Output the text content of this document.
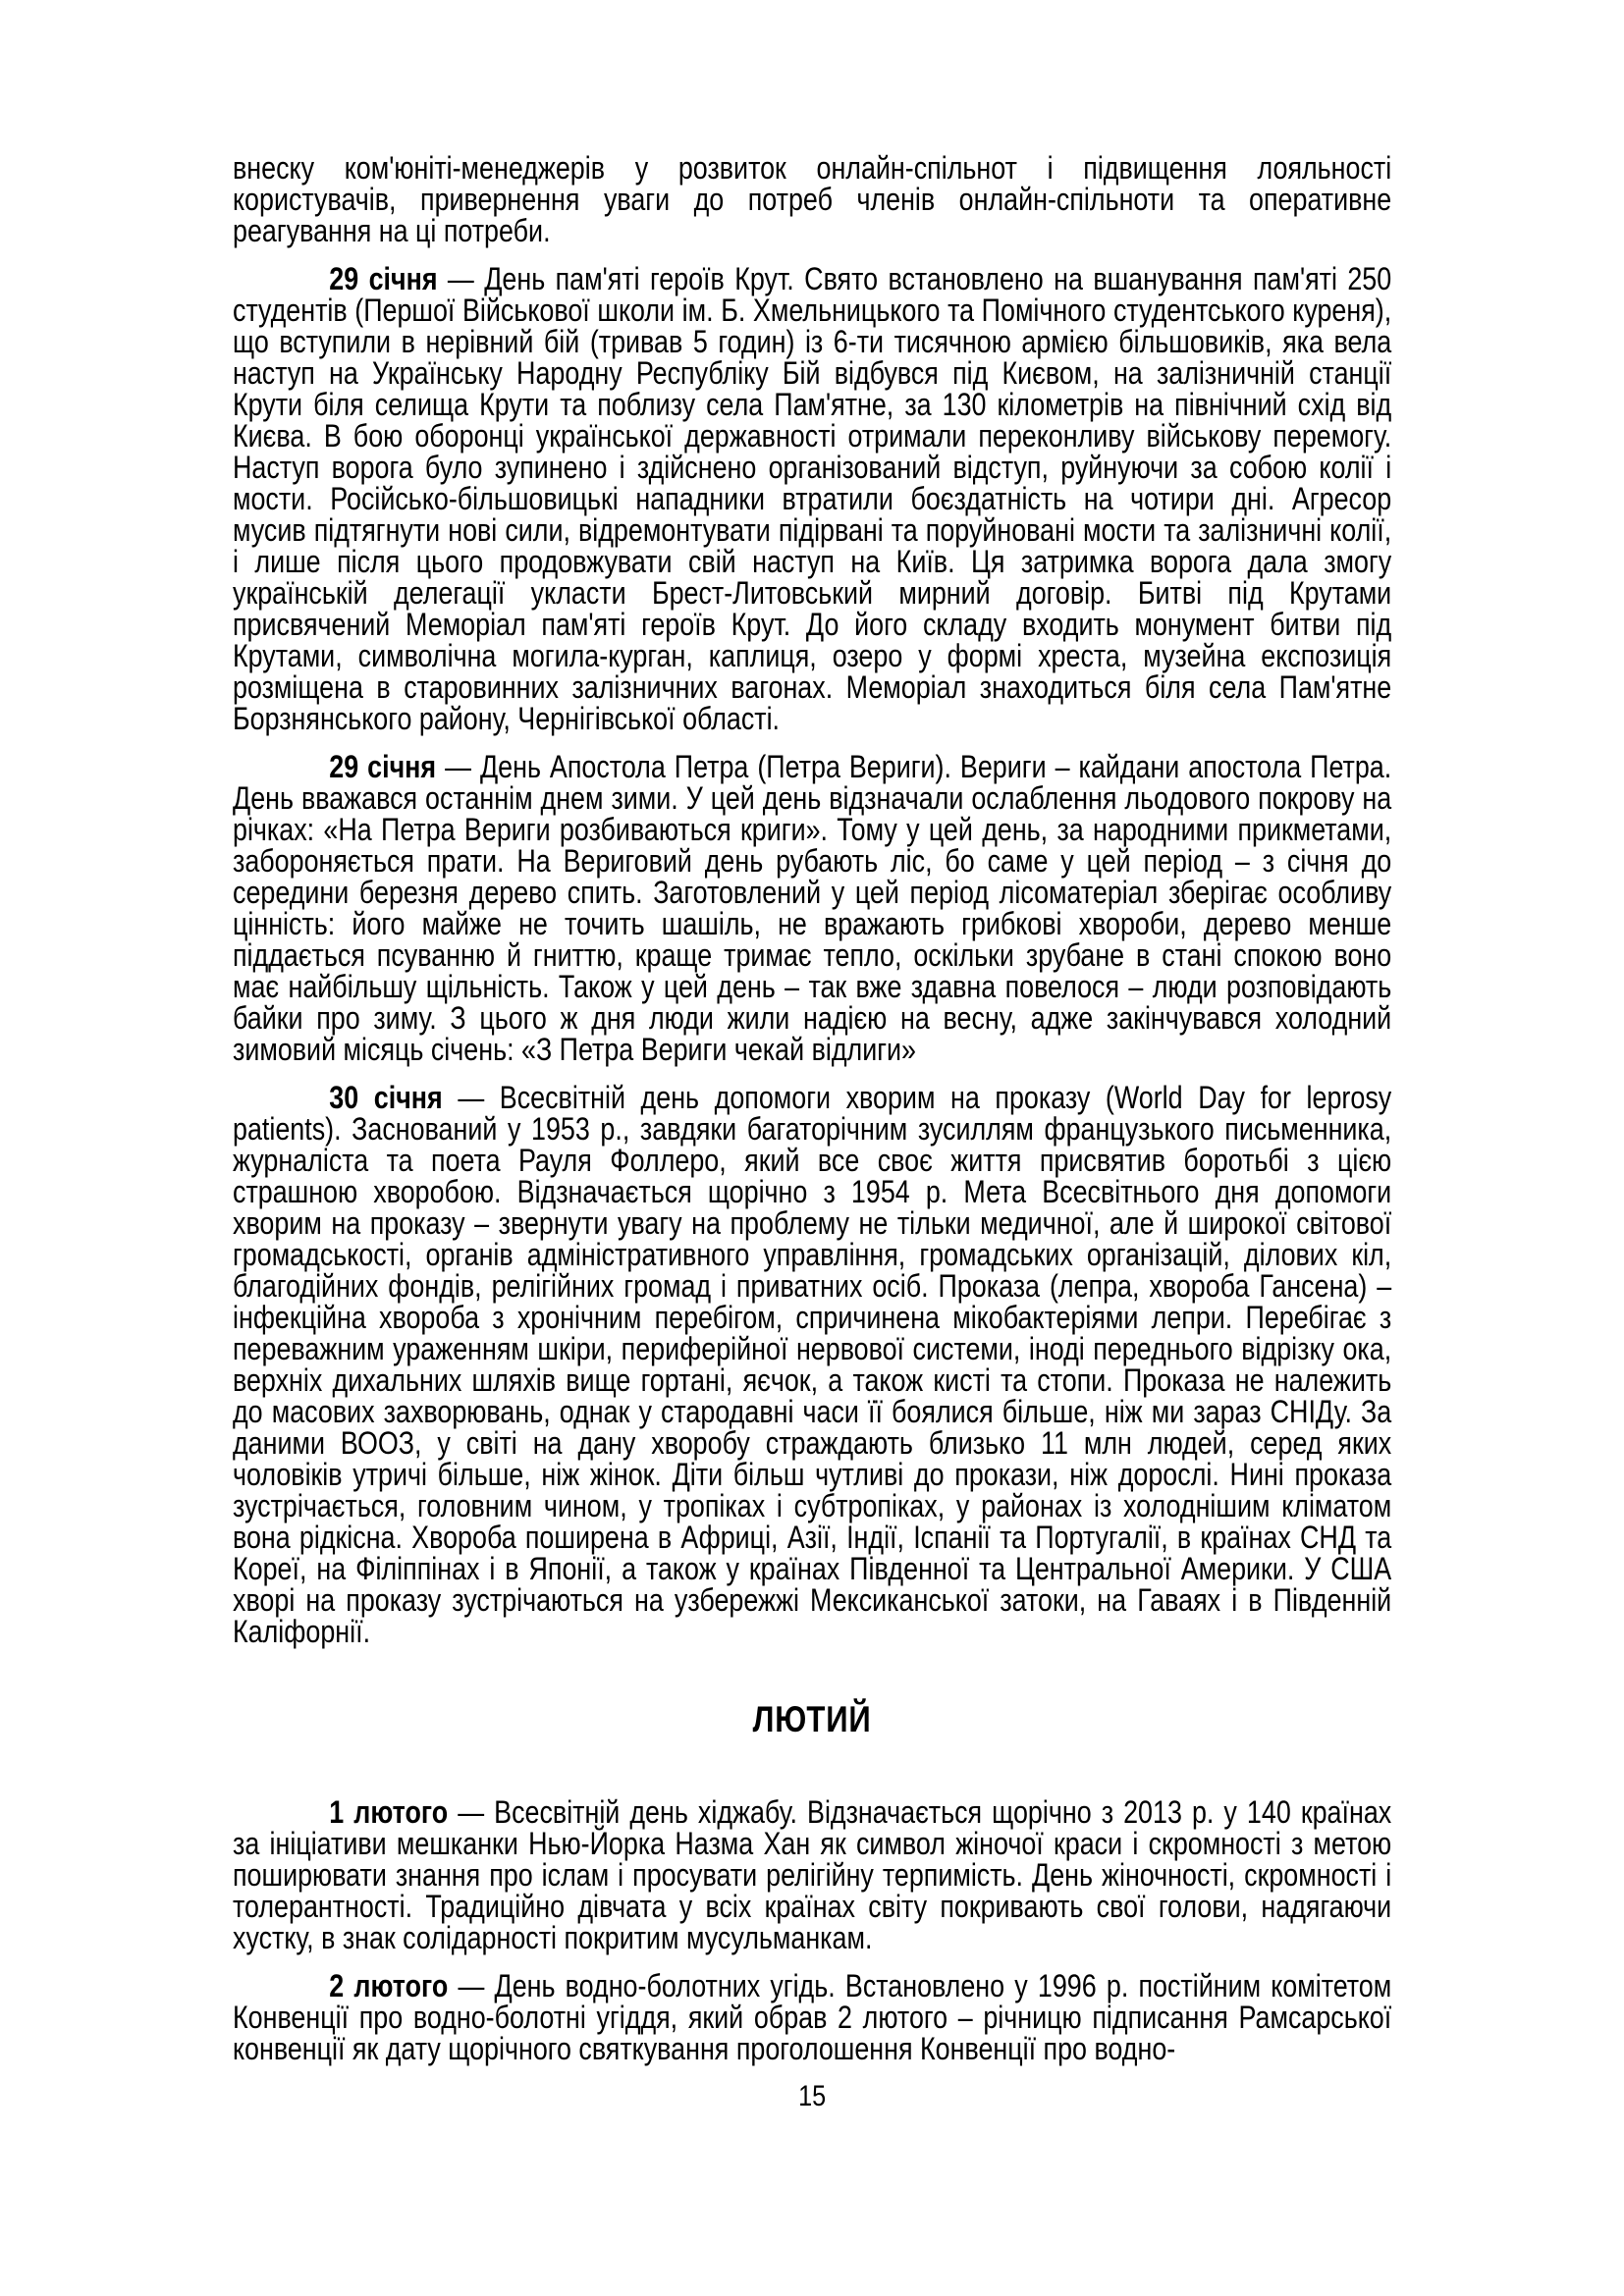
внеску ком'юніті-менеджерів у розвиток онлайн-спільнот і підвищення лояльності користувачів, привернення уваги до потреб членів онлайн-спільноти та оперативне реагування на ці потреби.

29 січня — День пам'яті героїв Крут. Свято встановлено на вшанування пам'яті 250 студентів (Першої Військової школи ім. Б. Хмельницького та Помічного студентського куреня), що вступили в нерівний бій (тривав 5 годин) із 6-ти тисячною армією більшовиків, яка вела наступ на Українську Народну Республіку Бій відбувся під Києвом, на залізничній станції Крути біля селища Крути та поблизу села Пам'ятне, за 130 кілометрів на північний схід від Києва. В бою оборонці української державності отримали переконливу військову перемогу. Наступ ворога було зупинено і здійснено організований відступ, руйнуючи за собою колії і мости. Російсько-більшовицькі нападники втратили боєздатність на чотири дні. Агресор мусив підтягнути нові сили, відремонтувати підірвані та поруйновані мости та залізничні колії, і лише після цього продовжувати свій наступ на Київ. Ця затримка ворога дала змогу українській делегації укласти Брест-Литовський мирний договір. Битві під Крутами присвячений Меморіал пам'яті героїв Крут. До його складу входить монумент битви під Крутами, символічна могила-курган, каплиця, озеро у формі хреста, музейна експозиція розміщена в старовинних залізничних вагонах. Меморіал знаходиться біля села Пам'ятне Борзнянського району, Чернігівської області.

29 січня — День Апостола Петра (Петра Вериги). Вериги – кайдани апостола Петра. День вважався останнім днем зими. У цей день відзначали ослаблення льодового покрову на річках: «На Петра Вериги розбиваються криги». Тому у цей день, за народними прикметами, забороняється прати. На Вериговий день рубають ліс, бо саме у цей період – з січня до середини березня дерево спить. Заготовлений у цей період лісоматеріал зберігає особливу цінність: його майже не точить шашіль, не вражають грибкові хвороби, дерево менше піддається псуванню й гниттю, краще тримає тепло, оскільки зрубане в стані спокою воно має найбільшу щільність. Також у цей день – так вже здавна повелося – люди розповідають байки про зиму. З цього ж дня люди жили надією на весну, адже закінчувався холодний зимовий місяць січень: «З Петра Вериги чекай відлиги»

30 січня — Всесвітній день допомоги хворим на проказу (World Day for leprosy patients). Заснований у 1953 р., завдяки багаторічним зусиллям французького письменника, журналіста та поета Рауля Фоллеро, який все своє життя присвятив боротьбі з цією страшною хворобою. Відзначається щорічно з 1954 р. Мета Всесвітнього дня допомоги хворим на проказу – звернути увагу на проблему не тільки медичної, але й широкої світової громадськості, органів адміністративного управління, громадських організацій, ділових кіл, благодійних фондів, релігійних громад і приватних осіб. Проказа (лепра, хвороба Гансена) – інфекційна хвороба з хронічним перебігом, спричинена мікобактеріями лепри. Перебігає з переважним ураженням шкіри, периферійної нервової системи, іноді переднього відрізку ока, верхніх дихальних шляхів вище гортані, яєчок, а також кисті та стопи. Проказа не належить до масових захворювань, однак у стародавні часи її боялися більше, ніж ми зараз СНІДу. За даними ВООЗ, у світі на дану хворобу страждають близько 11 млн людей, серед яких чоловіків утричі більше, ніж жінок. Діти більш чутливі до прокази, ніж дорослі. Нині проказа зустрічається, головним чином, у тропіках і субтропіках, у районах із холоднішим кліматом вона рідкісна. Хвороба поширена в Африці, Азії, Індії, Іспанії та Португалії, в країнах СНД та Кореї, на Філіппінах і в Японії, а також у країнах Південної та Центральної Америки. У США хворі на проказу зустрічаються на узбережжі Мексиканської затоки, на Гаваях і в Південній Каліфорнії.

ЛЮТИЙ

1 лютого — Всесвітній день хіджабу. Відзначається щорічно з 2013 р. у 140 країнах за ініціативи мешканки Нью-Йорка Назма Хан як символ жіночої краси і скромності з метою поширювати знання про іслам і просувати релігійну терпимість. День жіночності, скромності і толерантності. Традиційно дівчата у всіх країнах світу покривають свої голови, надягаючи хустку, в знак солідарності покритим мусульманкам.

2 лютого — День водно-болотних угідь. Встановлено у 1996 р. постійним комітетом Конвенції про водно-болотні угіддя, який обрав 2 лютого – річницю підписання Рамсарської конвенції як дату щорічного святкування проголошення Конвенції про водно-

15
